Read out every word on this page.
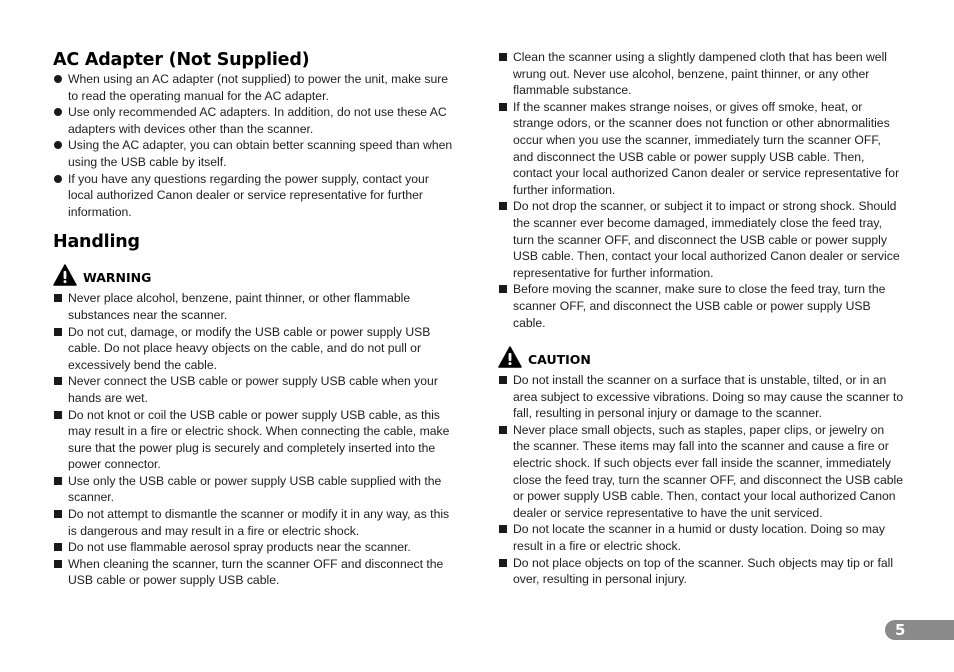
AC Adapter (Not Supplied)
When using an AC adapter (not supplied) to power the unit, make sure to read the operating manual for the AC adapter.
Use only recommended AC adapters. In addition, do not use these AC adapters with devices other than the scanner.
Using the AC adapter, you can obtain better scanning speed than when using the USB cable by itself.
If you have any questions regarding the power supply, contact your local authorized Canon dealer or service representative for further information.
Handling
WARNING
Never place alcohol, benzene, paint thinner, or other flammable substances near the scanner.
Do not cut, damage, or modify the USB cable or power supply USB cable. Do not place heavy objects on the cable, and do not pull or excessively bend the cable.
Never connect the USB cable or power supply USB cable when your hands are wet.
Do not knot or coil the USB cable or power supply USB cable, as this may result in a fire or electric shock. When connecting the cable, make sure that the power plug is securely and completely inserted into the power connector.
Use only the USB cable or power supply USB cable supplied with the scanner.
Do not attempt to dismantle the scanner or modify it in any way, as this is dangerous and may result in a fire or electric shock.
Do not use flammable aerosol spray products near the scanner.
When cleaning the scanner, turn the scanner OFF and disconnect the USB cable or power supply USB cable.
Clean the scanner using a slightly dampened cloth that has been well wrung out. Never use alcohol, benzene, paint thinner, or any other flammable substance.
If the scanner makes strange noises, or gives off smoke, heat, or strange odors, or the scanner does not function or other abnormalities occur when you use the scanner, immediately turn the scanner OFF, and disconnect the USB cable or power supply USB cable. Then, contact your local authorized Canon dealer or service representative for further information.
Do not drop the scanner, or subject it to impact or strong shock. Should the scanner ever become damaged, immediately close the feed tray, turn the scanner OFF, and disconnect the USB cable or power supply USB cable. Then, contact your local authorized Canon dealer or service representative for further information.
Before moving the scanner, make sure to close the feed tray, turn the scanner OFF, and disconnect the USB cable or power supply USB cable.
CAUTION
Do not install the scanner on a surface that is unstable, tilted, or in an area subject to excessive vibrations. Doing so may cause the scanner to fall, resulting in personal injury or damage to the scanner.
Never place small objects, such as staples, paper clips, or jewelry on the scanner. These items may fall into the scanner and cause a fire or electric shock. If such objects ever fall inside the scanner, immediately close the feed tray, turn the scanner OFF, and disconnect the USB cable or power supply USB cable. Then, contact your local authorized Canon dealer or service representative to have the unit serviced.
Do not locate the scanner in a humid or dusty location. Doing so may result in a fire or electric shock.
Do not place objects on top of the scanner. Such objects may tip or fall over, resulting in personal injury.
5
